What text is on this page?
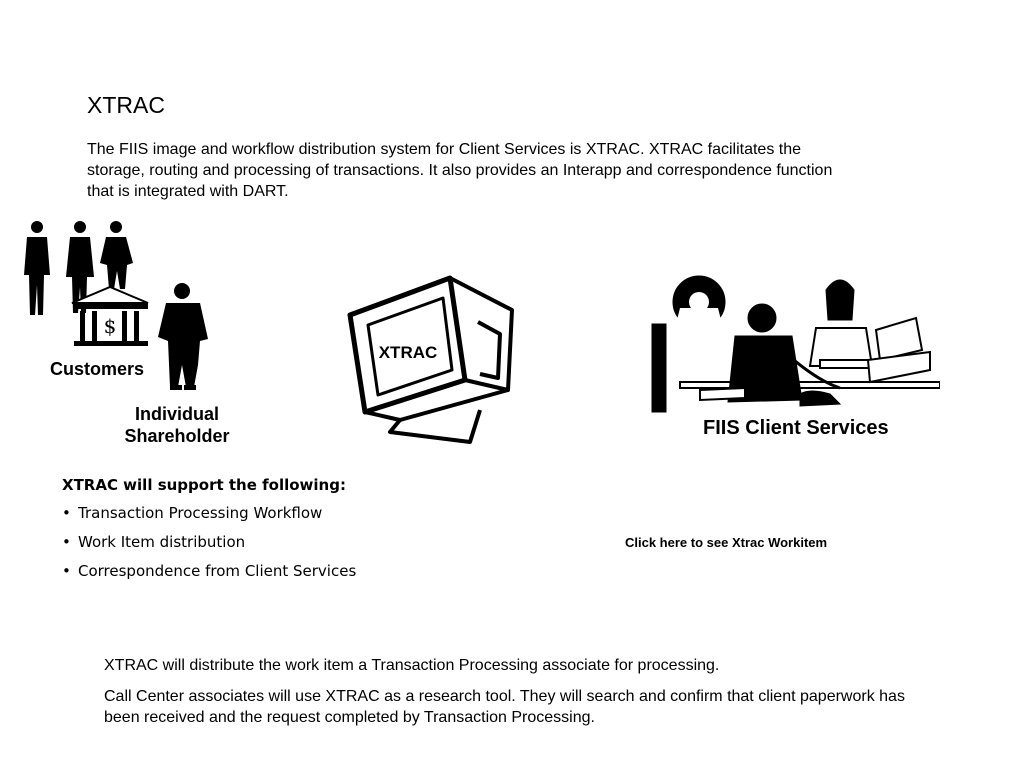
XTRAC
The FIIS image and workflow distribution system for Client Services is XTRAC. XTRAC facilitates the storage, routing and processing of transactions. It also provides an Interapp and correspondence function that is integrated with DART.
$
Customers
Individual Shareholder
XTRAC
FIIS Client Services
XTRAC will support the following:
• Transaction Processing Workflow
• Work Item distribution
• Correspondence from Client Services
Click here to see Xtrac Workitem

XTRAC will distribute the work item a Transaction Processing associate for processing.

Call Center associates will use XTRAC as a research tool. They will search and confirm that client paperwork has been received and the request completed by Transaction Processing.
